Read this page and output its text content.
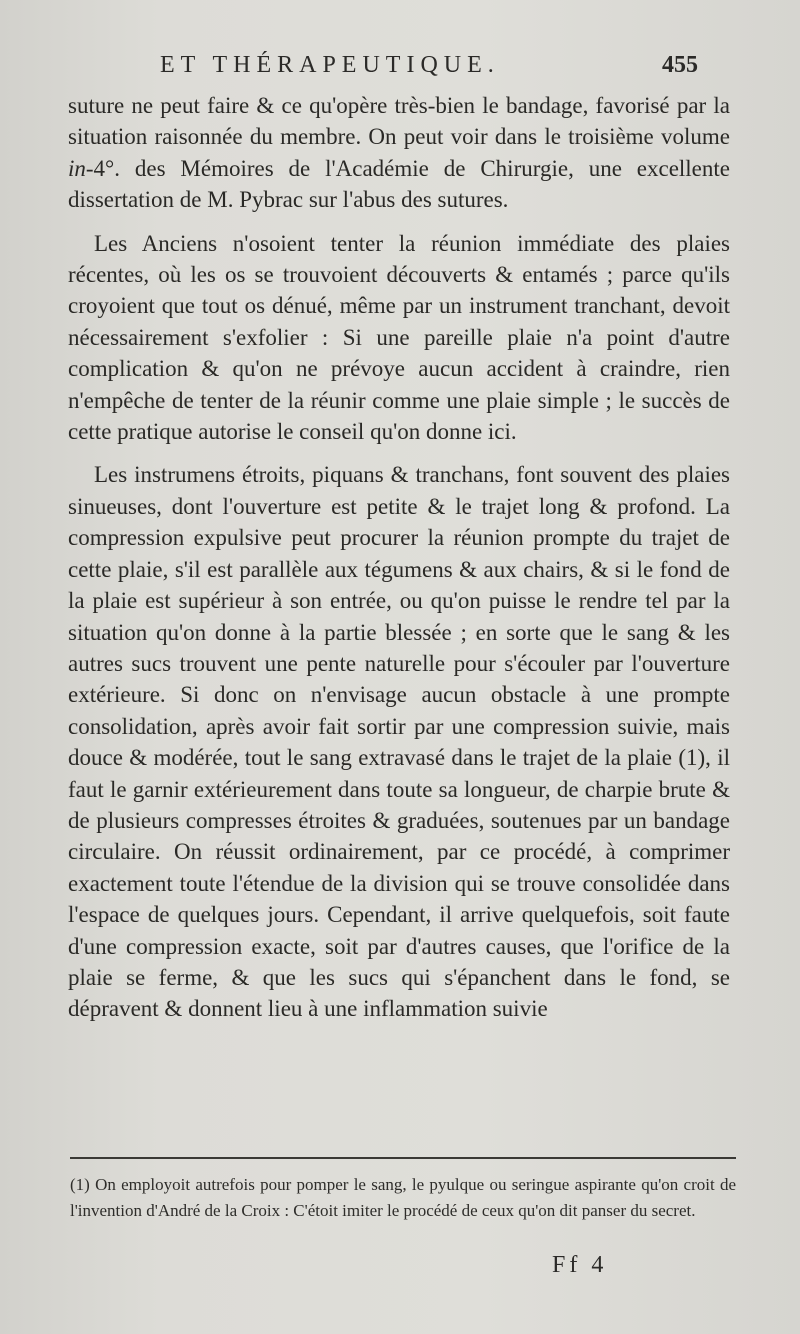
ET THÉRAPEUTIQUE.	455

suture ne peut faire & ce qu'opère très-bien le bandage, favorisé par la situation raisonnée du membre. On peut voir dans le troisième volume in-4°. des Mémoires de l'Académie de Chirurgie, une excellente dissertation de M. Pybrac sur l'abus des sutures.

Les Anciens n'osoient tenter la réunion immédiate des plaies récentes, où les os se trouvoient découverts & entamés ; parce qu'ils croyoient que tout os dénué, même par un instrument tranchant, devoit nécessairement s'exfolier : Si une pareille plaie n'a point d'autre complication & qu'on ne prévoye aucun accident à craindre, rien n'empêche de tenter de la réunir comme une plaie simple ; le succès de cette pratique autorise le conseil qu'on donne ici.

Les instrumens étroits, piquans & tranchans, font souvent des plaies sinueuses, dont l'ouverture est petite & le trajet long & profond. La compression expulsive peut procurer la réunion prompte du trajet de cette plaie, s'il est parallèle aux tégumens & aux chairs, & si le fond de la plaie est supérieur à son entrée, ou qu'on puisse le rendre tel par la situation qu'on donne à la partie blessée ; en sorte que le sang & les autres sucs trouvent une pente naturelle pour s'écouler par l'ouverture extérieure. Si donc on n'envisage aucun obstacle à une prompte consolidation, après avoir fait sortir par une compression suivie, mais douce & modérée, tout le sang extravasé dans le trajet de la plaie (1), il faut le garnir extérieurement dans toute sa longueur, de charpie brute & de plusieurs compresses étroites & graduées, soutenues par un bandage circulaire. On réussit ordinairement, par ce procédé, à comprimer exactement toute l'étendue de la division qui se trouve consolidée dans l'espace de quelques jours. Cependant, il arrive quelquefois, soit faute d'une compression exacte, soit par d'autres causes, que l'orifice de la plaie se ferme, & que les sucs qui s'épanchent dans le fond, se dépravent & donnent lieu à une inflammation suivie

(1) On employoit autrefois pour pomper le sang, le pyulque ou seringue aspirante qu'on croit de l'invention d'André de la Croix : C'étoit imiter le procédé de ceux qu'on dit panser du secret.
Ff 4
